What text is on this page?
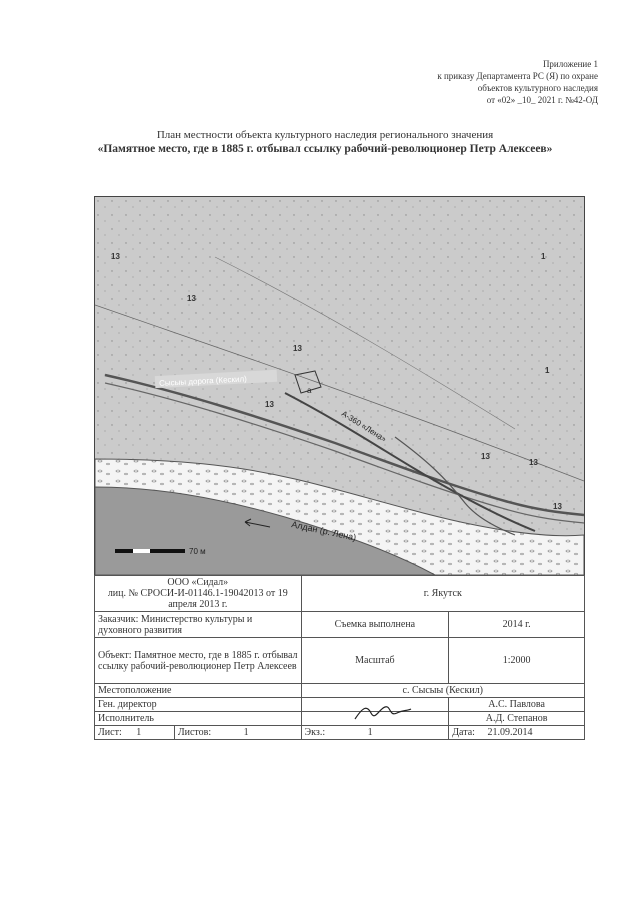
Приложение 1
к приказу Департамента РС (Я) по охране
объектов культурного наследия
от «02» _10_ 2021 г. №42-ОД
План местности объекта культурного наследия регионального значения
«Памятное место, где в 1885 г. отбывал ссылку рабочий-революционер Петр Алексеев»
Сысыы дорога (Кескил)
А-360 «Лена»
Алдан (р. Лена)
а
70 м
13
13
13
13
1
1
13
13
13
ООО «Сидал»
лиц. № СРОСИ-И-01146.1-19042013 от 19 апреля 2013 г.		г. Якутск	
Заказчик: Министерство культуры и духовного развития		Съемка выполнена	2014 г.
Объект: Памятное место, где в 1885 г. отбывал ссылку рабочий-революционер Петр Алексеев		Масштаб	1:2000
Местоположение		с. Сысыы (Кескил)	
Ген. директор			А.С. Павлова
Исполнитель			А.Д. Степанов
Лист: 1	Листов: 1	Экз.: 1	Дата: 21.09.2014
